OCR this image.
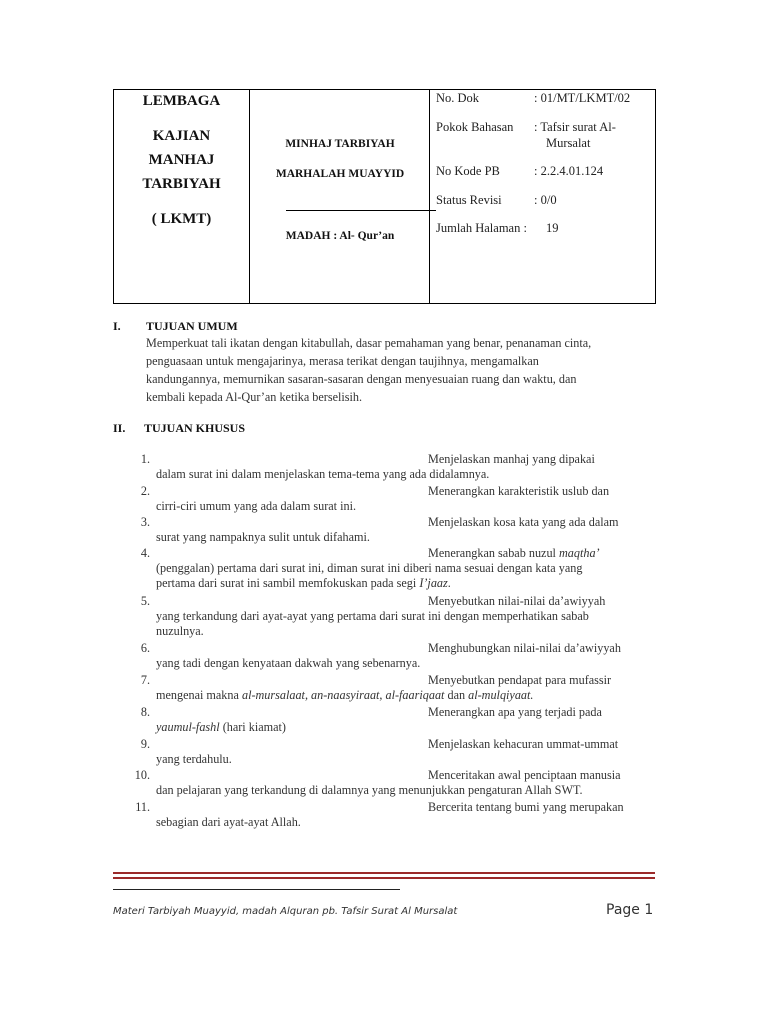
LEMBAGA
KAJIAN
MANHAJ
TARBIYAH
( LKMT)
MINHAJ TARBIYAH
MARHALAH MUAYYID
MADAH : Al- Qur’an
No. Dok	: 01/MT/LKMT/02
Pokok Bahasan : Tafsir surat Al-
Mursalat
No Kode PB	: 2.2.4.01.124
Status Revisi	: 0/0
Jumlah Halaman : 19
I. TUJUAN UMUM
Memperkuat tali ikatan dengan kitabullah, dasar pemahaman yang benar, penanaman cinta,
penguasaan untuk mengajarinya, merasa terikat dengan taujihnya, mengamalkan
kandungannya, memurnikan sasaran-sasaran dengan menyesuaian ruang dan waktu, dan
kembali kepada Al-Qur’an ketika berselisih.
II. TUJUAN KHUSUS
1.	Menjelaskan manhaj yang dipakai
dalam surat ini dalam menjelaskan tema-tema yang ada didalamnya.
2.	Menerangkan karakteristik uslub dan
cirri-ciri umum yang ada dalam surat ini.
3.	Menjelaskan kosa kata yang ada dalam
surat yang nampaknya sulit untuk difahami.
4.	Menerangkan sabab nuzul maqtha’
(penggalan) pertama dari surat ini, diman surat ini diberi nama sesuai dengan kata yang
pertama dari surat ini sambil memfokuskan pada segi I’jaaz.
5.	Menyebutkan nilai-nilai da’awiyyah
yang terkandung dari ayat-ayat yang pertama dari surat ini dengan memperhatikan sabab
nuzulnya.
6.	Menghubungkan nilai-nilai da’awiyyah
yang tadi dengan kenyataan dakwah yang sebenarnya.
7.	Menyebutkan pendapat para mufassir
mengenai makna al-mursalaat, an-naasyiraat, al-faariqaat dan al-mulqiyaat.
8.	Menerangkan apa yang terjadi pada
yaumul-fashl (hari kiamat)
9.	Menjelaskan kehacuran ummat-ummat
yang terdahulu.
10.	Menceritakan awal penciptaan manusia
dan pelajaran yang terkandung di dalamnya yang menunjukkan pengaturan Allah SWT.
11.	Bercerita tentang bumi yang merupakan
sebagian dari ayat-ayat Allah.
Materi Tarbiyah Muayyid, madah Alquran pb. Tafsir Surat Al Mursalat	Page 1
